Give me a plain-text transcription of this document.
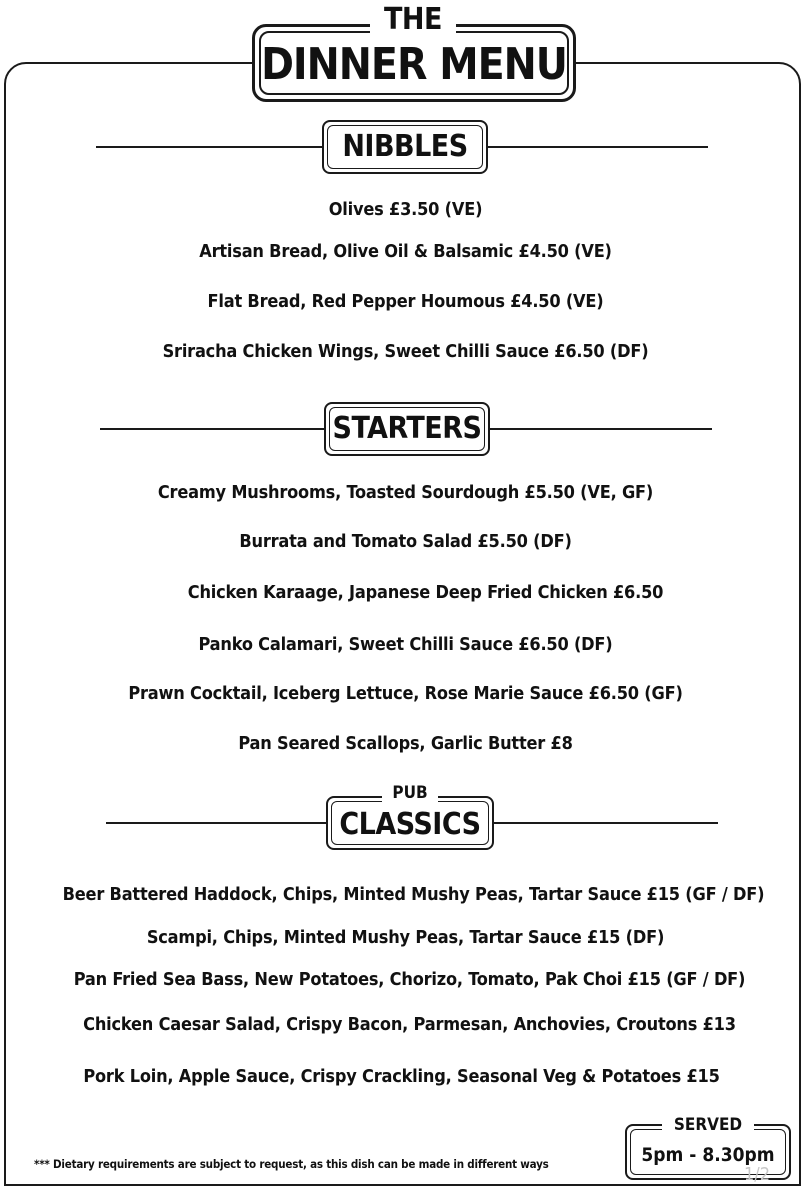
THE
DINNER MENU
NIBBLES
Olives £3.50 (VE)
Artisan Bread, Olive Oil & Balsamic £4.50 (VE)
Flat Bread, Red Pepper Houmous £4.50 (VE)
Sriracha Chicken Wings, Sweet Chilli Sauce £6.50 (DF)
STARTERS
Creamy Mushrooms, Toasted Sourdough £5.50 (VE, GF)
Burrata and Tomato Salad £5.50 (DF)
Chicken Karaage, Japanese Deep Fried Chicken £6.50
Panko Calamari, Sweet Chilli Sauce £6.50 (DF)
Prawn Cocktail, Iceberg Lettuce, Rose Marie Sauce £6.50 (GF)
Pan Seared Scallops, Garlic Butter £8
CLASSICS
PUB
Beer Battered Haddock, Chips, Minted Mushy Peas, Tartar Sauce £15 (GF / DF)
Scampi, Chips, Minted Mushy Peas, Tartar Sauce £15 (DF)
Pan Fried Sea Bass, New Potatoes, Chorizo, Tomato, Pak Choi £15 (GF / DF)
Chicken Caesar Salad, Crispy Bacon, Parmesan, Anchovies, Croutons £13
Pork Loin, Apple Sauce, Crispy Crackling, Seasonal Veg & Potatoes £15
*** Dietary requirements are subject to request, as this dish can be made in different ways
SERVED
5pm - 8.30pm
1/2
